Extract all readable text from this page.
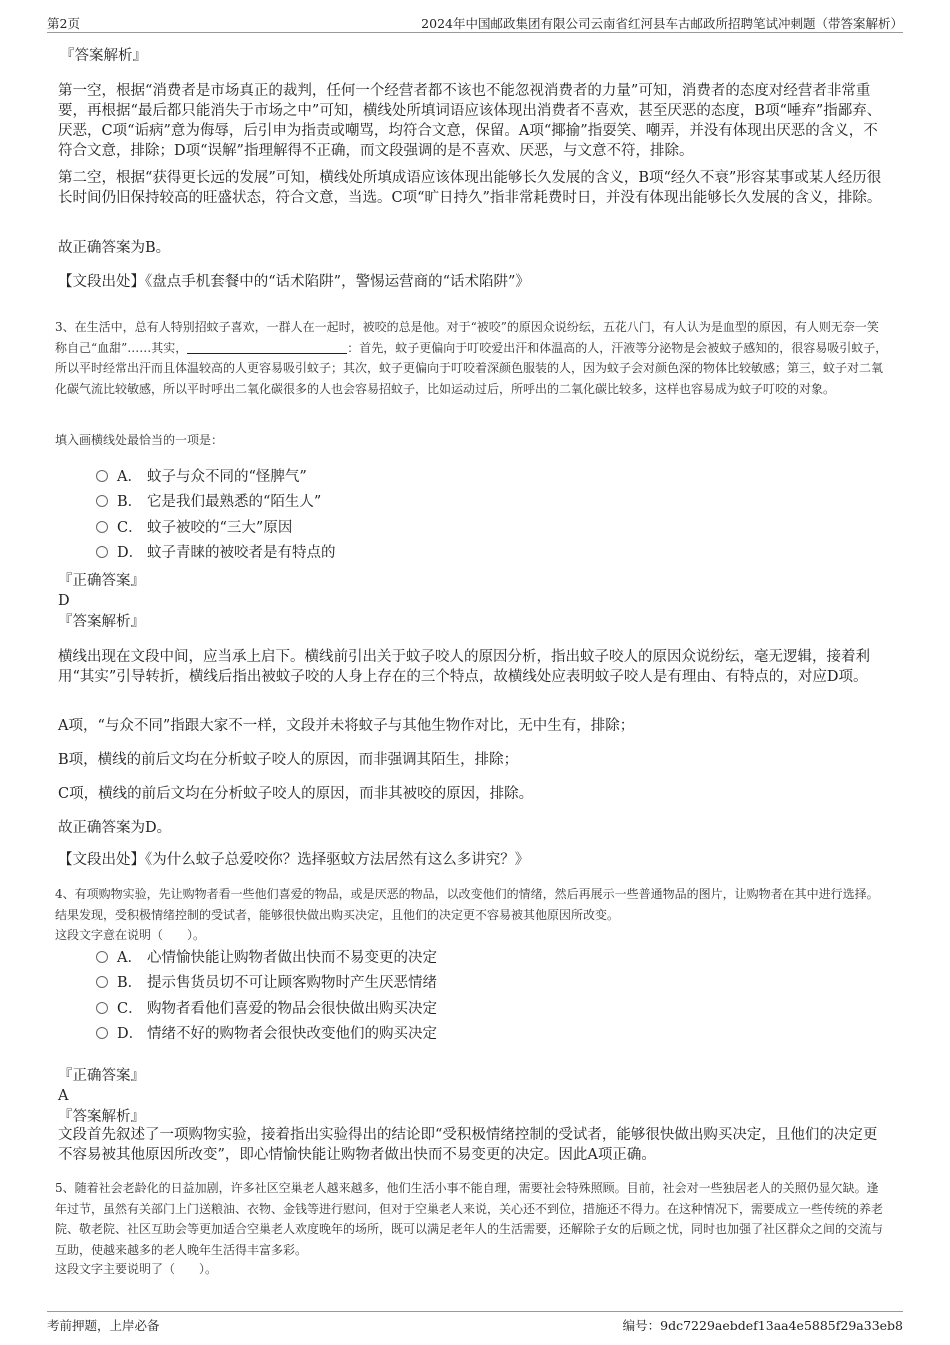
第2页	2024年中国邮政集团有限公司云南省红河县车古邮政所招聘笔试冲刺题（带答案解析）
『答案解析』
第一空，根据“消费者是市场真正的裁判，任何一个经营者都不该也不能忽视消费者的力量”可知，消费者的态度对经营者非常重要，再根据“最后都只能消失于市场之中”可知，横线处所填词语应该体现出消费者不喜欢，甚至厌恶的态度，B项“唾弃”指鄙弃、厌恶，C项“诟病”意为侮辱，后引申为指责或嘲骂，均符合文意，保留。A项“揶揄”指耍笑、嘲弄，并没有体现出厌恶的含义，不符合文意，排除；D项“误解”指理解得不正确，而文段强调的是不喜欢、厌恶，与文意不符，排除。
第二空，根据“获得更长远的发展”可知，横线处所填成语应该体现出能够长久发展的含义，B项“经久不衰”形容某事或某人经历很长时间仍旧保持较高的旺盛状态，符合文意，当选。C项“旷日持久”指非常耗费时日，并没有体现出能够长久发展的含义，排除。
故正确答案为B。
【文段出处】《盘点手机套餐中的“话术陷阱”，警惕运营商的“话术陷阱”》
3、在生活中，总有人特别招蚊子喜欢，一群人在一起时，被咬的总是他。对于“被咬”的原因众说纷纭，五花八门，有人认为是血型的原因，有人则无奈一笑称自己“血甜”……其实，	：首先，蚊子更偏向于叮咬爱出汗和体温高的人，汗液等分泌物是会被蚊子感知的，很容易吸引蚊子，所以平时经常出汗而且体温较高的人更容易吸引蚊子；其次，蚊子更偏向于叮咬着深颜色服装的人，因为蚊子会对颜色深的物体比较敏感；第三，蚊子对二氧化碳气流比较敏感，所以平时呼出二氧化碳很多的人也会容易招蚊子，比如运动过后，所呼出的二氧化碳比较多，这样也容易成为蚊子叮咬的对象。
填入画横线处最恰当的一项是：
A． 蚊子与众不同的“怪脾气”
B． 它是我们最熟悉的“陌生人”
C． 蚊子被咬的“三大”原因
D． 蚊子青睐的被咬者是有特点的
『正确答案』
D
『答案解析』
横线出现在文段中间，应当承上启下。横线前引出关于蚊子咬人的原因分析，指出蚊子咬人的原因众说纷纭，毫无逻辑，接着利用“其实”引导转折，横线后指出被蚊子咬的人身上存在的三个特点，故横线处应表明蚊子咬人是有理由、有特点的，对应D项。
A项，“与众不同”指跟大家不一样，文段并未将蚊子与其他生物作对比，无中生有，排除；
B项，横线的前后文均在分析蚊子咬人的原因，而非强调其陌生，排除；
C项，横线的前后文均在分析蚊子咬人的原因，而非其被咬的原因，排除。
故正确答案为D。
【文段出处】《为什么蚊子总爱咬你？选择驱蚊方法居然有这么多讲究？》
4、有项购物实验，先让购物者看一些他们喜爱的物品，或是厌恶的物品，以改变他们的情绪，然后再展示一些普通物品的图片，让购物者在其中进行选择。结果发现，受积极情绪控制的受试者，能够很快做出购买决定，且他们的决定更不容易被其他原因所改变。
这段文字意在说明（　　）。
A． 心情愉快能让购物者做出快而不易变更的决定
B． 提示售货员切不可让顾客购物时产生厌恶情绪
C． 购物者看他们喜爱的物品会很快做出购买决定
D． 情绪不好的购物者会很快改变他们的购买决定
『正确答案』
A
『答案解析』
文段首先叙述了一项购物实验，接着指出实验得出的结论即“受积极情绪控制的受试者，能够很快做出购买决定，且他们的决定更不容易被其他原因所改变”，即心情愉快能让购物者做出快而不易变更的决定。因此A项正确。
5、随着社会老龄化的日益加剧，许多社区空巢老人越来越多，他们生活小事不能自理，需要社会特殊照顾。目前，社会对一些独居老人的关照仍显欠缺。逢年过节，虽然有关部门上门送粮油、衣物、金钱等进行慰问，但对于空巢老人来说，关心还不到位，措施还不得力。在这种情况下，需要成立一些传统的养老院、敬老院、社区互助会等更加适合空巢老人欢度晚年的场所，既可以满足老年人的生活需要，还解除子女的后顾之忧，同时也加强了社区群众之间的交流与互助，使越来越多的老人晚年生活得丰富多彩。
这段文字主要说明了（　　）。
考前押题，上岸必备	编号：9dc7229aebdef13aa4e5885f29a33eb8
